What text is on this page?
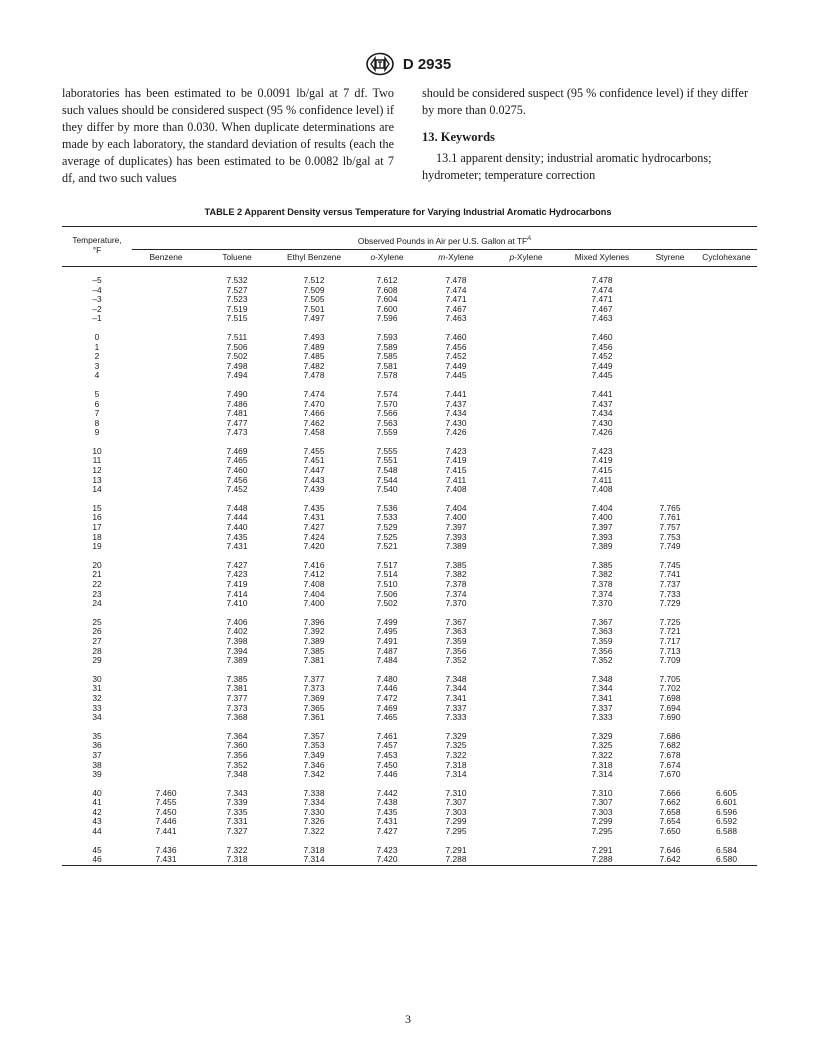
D 2935

laboratories has been estimated to be 0.0091 lb/gal at 7 df. Two such values should be considered suspect (95 % confidence level) if they differ by more than 0.030. When duplicate determinations are made by each laboratory, the standard deviation of results (each the average of duplicates) has been estimated to be 0.0082 lb/gal at 7 df, and two such values

should be considered suspect (95 % confidence level) if they differ by more than 0.0275.

13. Keywords

13.1 apparent density; industrial aromatic hydrocarbons; hydrometer; temperature correction

TABLE 2 Apparent Density versus Temperature for Varying Industrial Aromatic Hydrocarbons
Temperature,
°F	Observed Pounds in Air per U.S. Gallon at $TF^A$
	Benzene	Toluene	Ethyl Benzene	o-Xylene	m-Xylene	p-Xylene	Mixed Xylenes	Styrene	Cyclohexane

–5		7.532	7.512	7.612	7.478		7.478		
–4		7.527	7.509	7.608	7.474		7.474		
–3		7.523	7.505	7.604	7.471		7.471		
–2		7.519	7.501	7.600	7.467		7.467		
–1		7.515	7.497	7.596	7.463		7.463		

0		7.511	7.493	7.593	7.460		7.460		
1		7.506	7.489	7.589	7.456		7.456		
2		7.502	7.485	7.585	7.452		7.452		
3		7.498	7.482	7.581	7.449		7.449		
4		7.494	7.478	7.578	7.445		7.445		

5		7.490	7.474	7.574	7.441		7.441		
6		7.486	7.470	7.570	7.437		7.437		
7		7.481	7.466	7.566	7.434		7.434		
8		7.477	7.462	7.563	7.430		7.430		
9		7.473	7.458	7.559	7.426		7.426		

10		7.469	7.455	7.555	7.423		7.423		
11		7.465	7.451	7.551	7.419		7.419		
12		7.460	7.447	7.548	7.415		7.415		
13		7.456	7.443	7.544	7.411		7.411		
14		7.452	7.439	7.540	7.408		7.408		

15		7.448	7.435	7.536	7.404		7.404	7.765	
16		7.444	7.431	7.533	7.400		7.400	7.761	
17		7.440	7.427	7.529	7.397		7.397	7.757	
18		7.435	7.424	7.525	7.393		7.393	7.753	
19		7.431	7.420	7.521	7.389		7.389	7.749	

20		7.427	7.416	7.517	7.385		7.385	7.745	
21		7.423	7.412	7.514	7.382		7.382	7.741	
22		7.419	7.408	7.510	7.378		7.378	7.737	
23		7.414	7.404	7.506	7.374		7.374	7.733	
24		7.410	7.400	7.502	7.370		7.370	7.729	

25		7.406	7.396	7.499	7.367		7.367	7.725	
26		7.402	7.392	7.495	7.363		7.363	7.721	
27		7.398	7.389	7.491	7.359		7.359	7.717	
28		7.394	7.385	7.487	7.356		7.356	7.713	
29		7.389	7.381	7.484	7.352		7.352	7.709	

30		7.385	7.377	7.480	7.348		7.348	7.705	
31		7.381	7.373	7.446	7.344		7.344	7.702	
32		7.377	7.369	7.472	7.341		7.341	7.698	
33		7.373	7.365	7.469	7.337		7.337	7.694	
34		7.368	7.361	7.465	7.333		7.333	7.690	

35		7.364	7.357	7.461	7.329		7.329	7.686	
36		7.360	7.353	7.457	7.325		7.325	7.682	
37		7.356	7.349	7.453	7.322		7.322	7.678	
38		7.352	7.346	7.450	7.318		7.318	7.674	
39		7.348	7.342	7.446	7.314		7.314	7.670	

40	7.460	7.343	7.338	7.442	7.310		7.310	7.666	6.605
41	7.455	7.339	7.334	7.438	7.307		7.307	7.662	6.601
42	7.450	7.335	7.330	7.435	7.303		7.303	7.658	6.596
43	7.446	7.331	7.326	7.431	7.299		7.299	7.654	6.592
44	7.441	7.327	7.322	7.427	7.295		7.295	7.650	6.588

45	7.436	7.322	7.318	7.423	7.291		7.291	7.646	6.584
46	7.431	7.318	7.314	7.420	7.288		7.288	7.642	6.580
3
